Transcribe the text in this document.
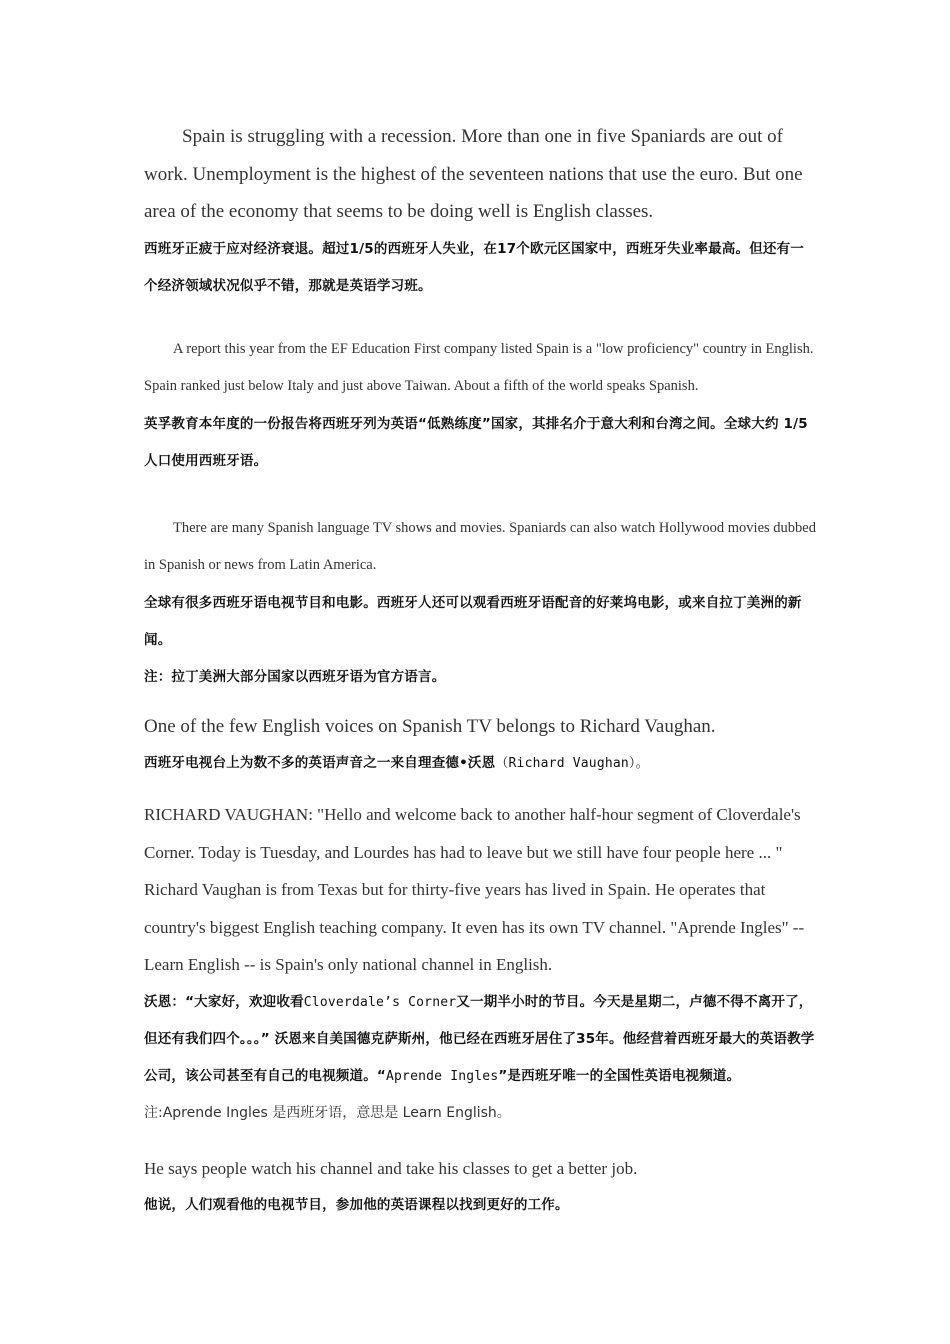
Spain is struggling with a recession. More than one in five Spaniards are out of work. Unemployment is the highest of the seventeen nations that use the euro. But one area of the economy that seems to be doing well is English classes.

西班牙正疲于应对经济衰退。超过1/5的西班牙人失业，在17个欧元区国家中，西班牙失业率最高。但还有一个经济领域状况似乎不错，那就是英语学习班。

A report this year from the EF Education First company listed Spain is a "low proficiency" country in English. Spain ranked just below Italy and just above Taiwan. About a fifth of the world speaks Spanish.

英孚教育本年度的一份报告将西班牙列为英语“低熟练度”国家，其排名介于意大利和台湾之间。全球大约 1/5 人口使用西班牙语。

There are many Spanish language TV shows and movies. Spaniards can also watch Hollywood movies dubbed in Spanish or news from Latin America.

全球有很多西班牙语电视节目和电影。西班牙人还可以观看西班牙语配音的好莱坞电影，或来自拉丁美洲的新闻。

注：拉丁美洲大部分国家以西班牙语为官方语言。

One of the few English voices on Spanish TV belongs to Richard Vaughan.

西班牙电视台上为数不多的英语声音之一来自理查德•沃恩（Richard Vaughan）。

RICHARD VAUGHAN: "Hello and welcome back to another half-hour segment of Cloverdale's Corner. Today is Tuesday, and Lourdes has had to leave but we still have four people here ... " Richard Vaughan is from Texas but for thirty-five years has lived in Spain. He operates that country's biggest English teaching company. It even has its own TV channel. "Aprende Ingles" -- Learn English -- is Spain's only national channel in English.

沃恩：“大家好，欢迎收看Cloverdale’s Corner又一期半小时的节目。今天是星期二，卢德不得不离开了，但还有我们四个。。。” 沃恩来自美国德克萨斯州，他已经在西班牙居住了35年。他经营着西班牙最大的英语教学公司，该公司甚至有自己的电视频道。“Aprende Ingles”是西班牙唯一的全国性英语电视频道。

注:Aprende Ingles 是西班牙语，意思是 Learn English。

He says people watch his channel and take his classes to get a better job.

他说，人们观看他的电视节目，参加他的英语课程以找到更好的工作。
